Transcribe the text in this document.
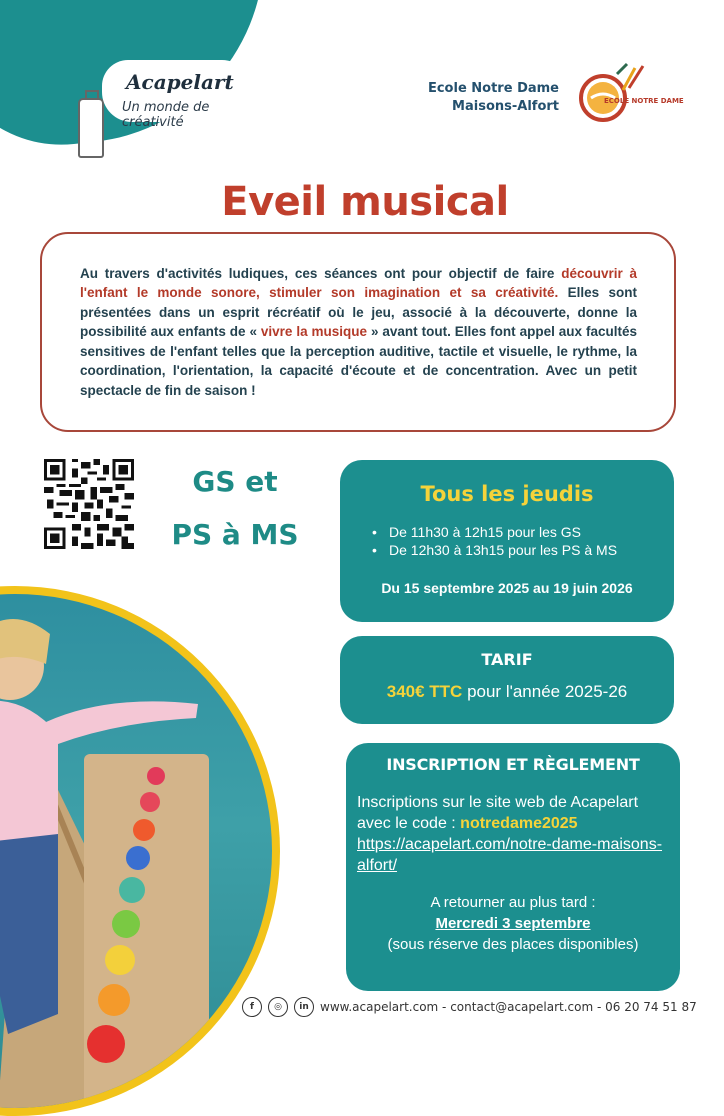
Acapelart
Un monde de créativité
Ecole Notre Dame
Maisons-Alfort	ECOLE NOTRE DAME
Eveil musical

Au travers d'activités ludiques, ces séances ont pour objectif de faire découvrir à l'enfant le monde sonore, stimuler son imagination et sa créativité. Elles sont présentées dans un esprit récréatif où le jeu, associé à la découverte, donne la possibilité aux enfants de « vivre la musique » avant tout. Elles font appel aux facultés sensitives de l'enfant telles que la perception auditive, tactile et visuelle, le rythme, la coordination, l'orientation, la capacité d'écoute et de concentration. Avec un petit spectacle de fin de saison !

GS et
PS à MS
Tous les jeudis
• De 11h30 à 12h15 pour les GS
• De 12h30 à 13h15 pour les PS à MS
Du 15 septembre 2025 au 19 juin 2026
TARIF
340€ TTC pour l'année 2025-26
INSCRIPTION ET RÈGLEMENT
Inscriptions sur le site web de Acapelart
avec le code : notredame2025
https://acapelart.com/notre-dame-maisons-alfort/
A retourner au plus tard :
Mercredi 3 septembre
(sous réserve des places disponibles)
f	◎	in www.acapelart.com - contact@acapelart.com - 06 20 74 51 87
